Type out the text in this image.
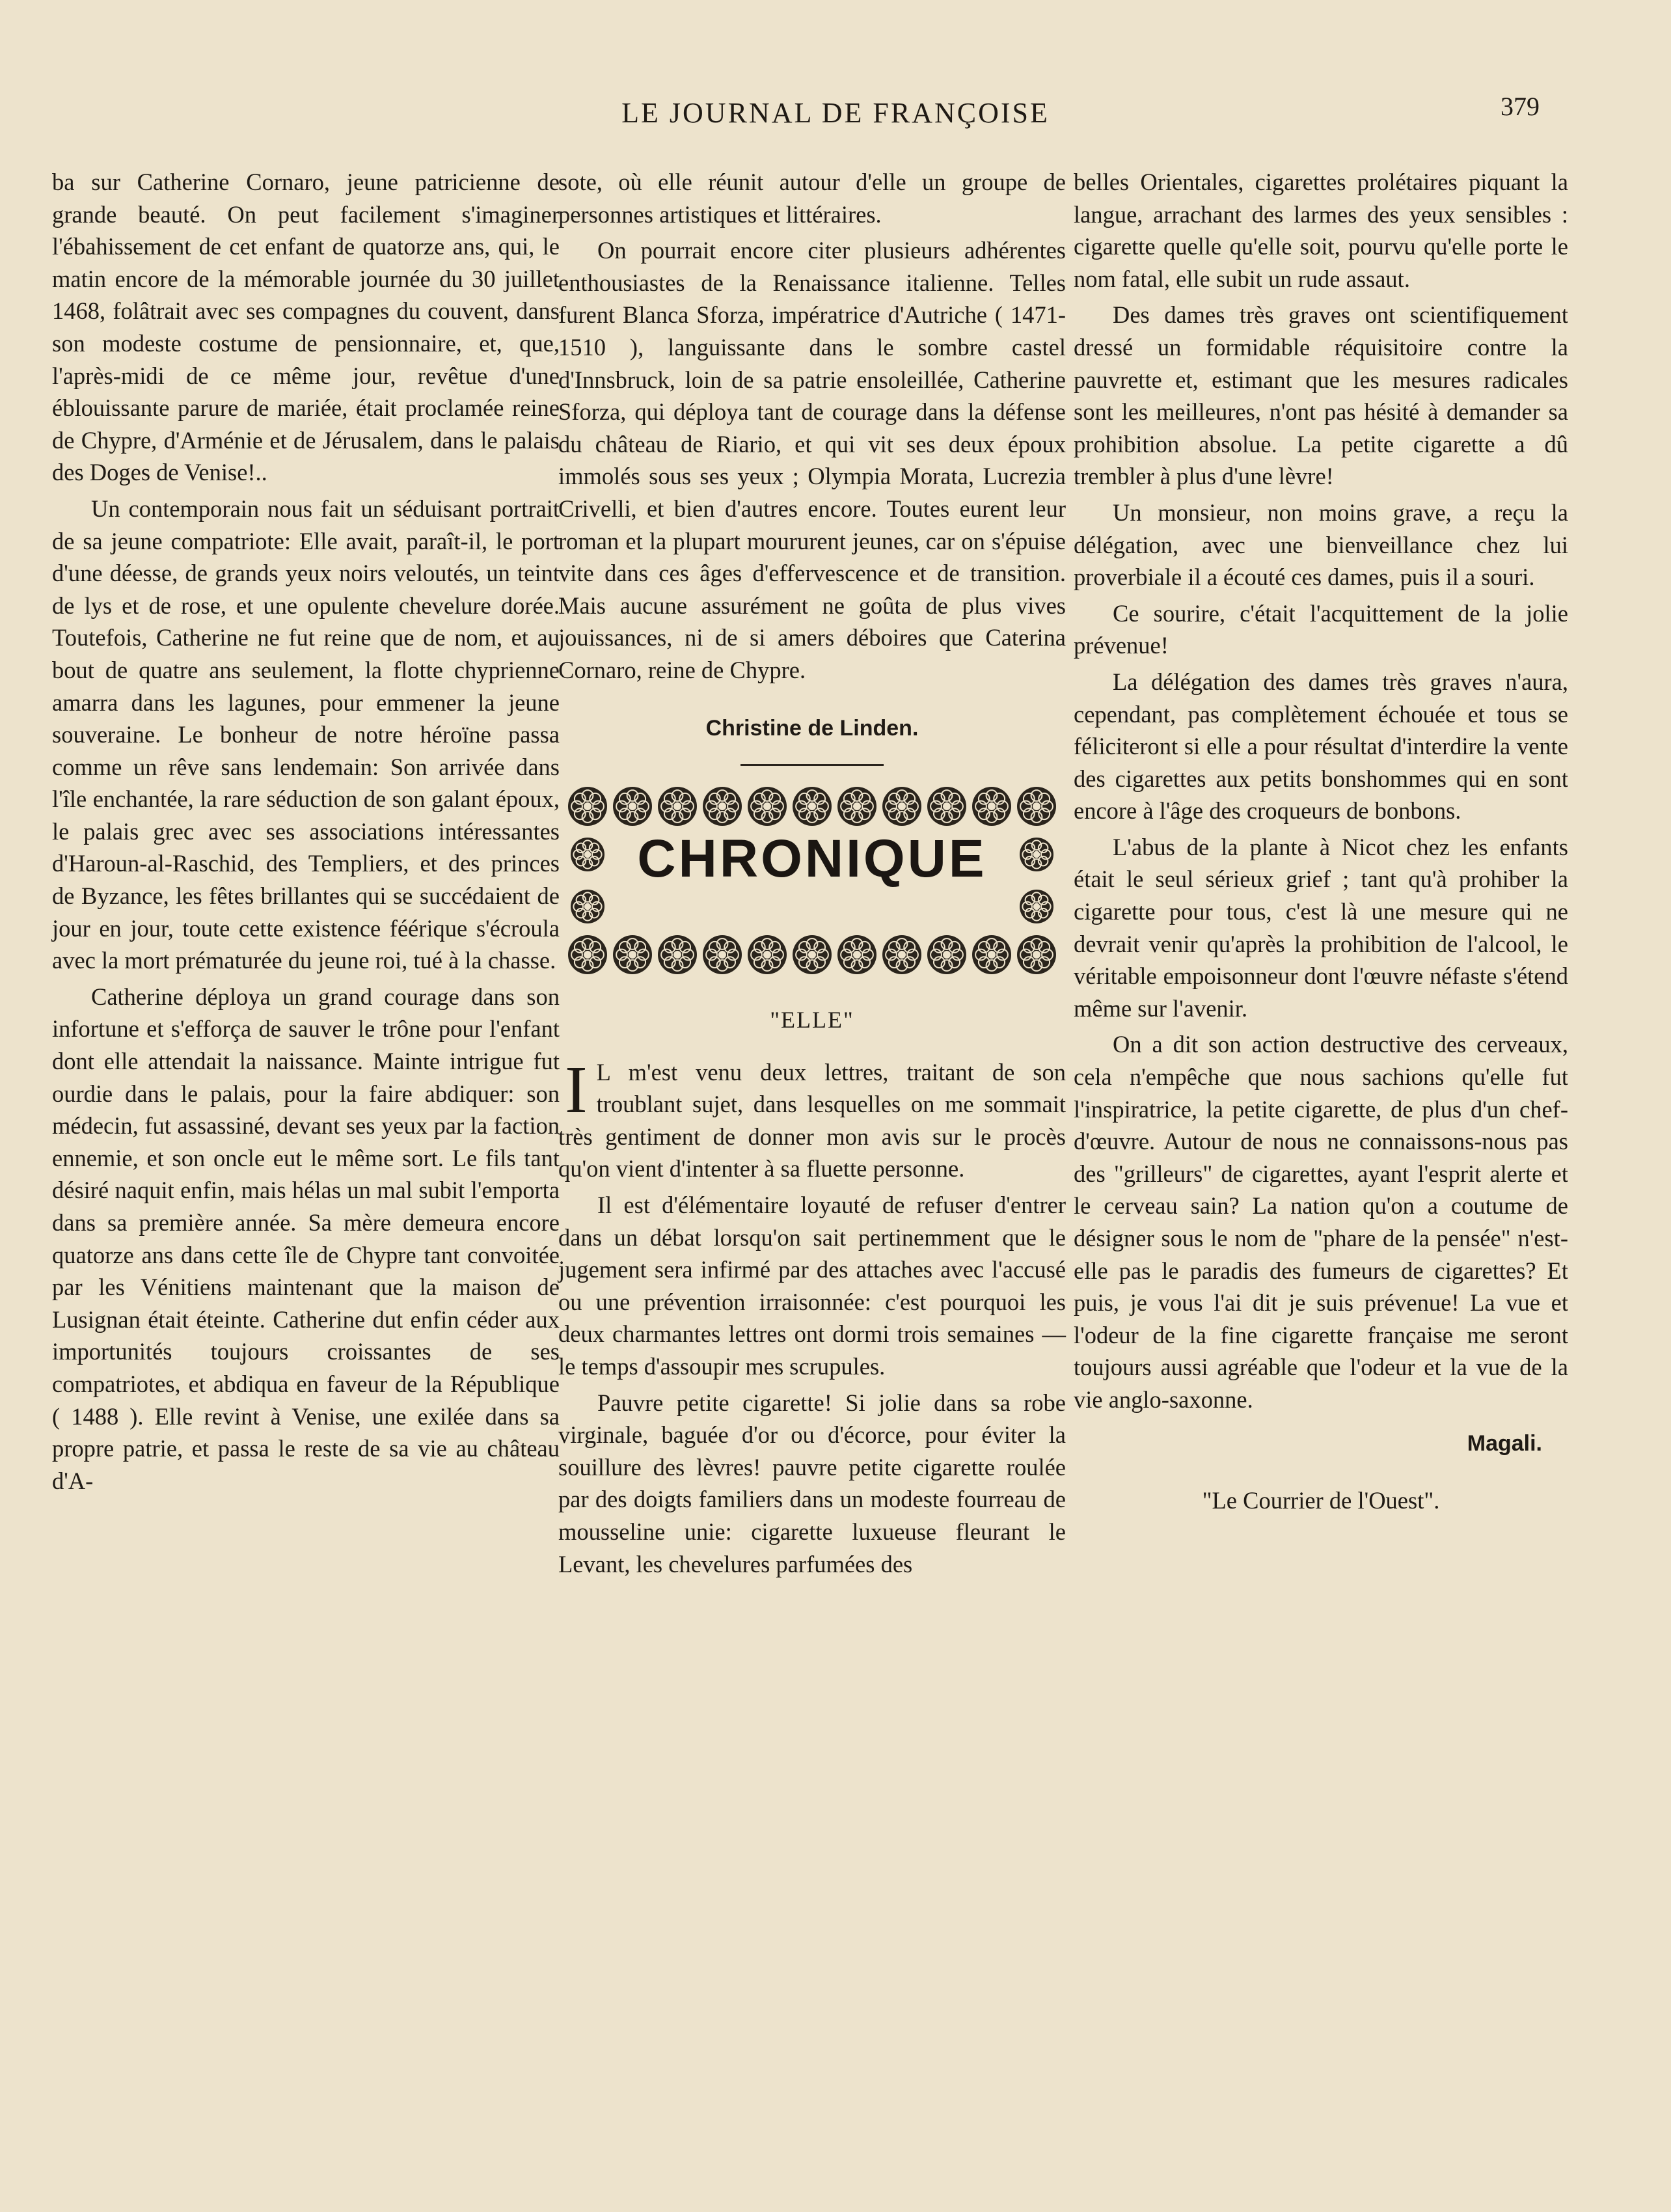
LE JOURNAL DE FRANÇOISE	379

ba sur Catherine Cornaro, jeune patricienne de grande beauté. On peut facilement s'imaginer l'ébahissement de cet enfant de quatorze ans, qui, le matin encore de la mémorable journée du 30 juillet 1468, folâtrait avec ses compagnes du couvent, dans son modeste costume de pensionnaire, et, que, l'après-midi de ce même jour, revêtue d'une éblouissante parure de mariée, était proclamée reine de Chypre, d'Arménie et de Jérusalem, dans le palais des Doges de Venise!..

Un contemporain nous fait un séduisant portrait de sa jeune compatriote: Elle avait, paraît-il, le port d'une déesse, de grands yeux noirs veloutés, un teint de lys et de rose, et une opulente chevelure dorée. Toutefois, Catherine ne fut reine que de nom, et au bout de quatre ans seulement, la flotte chyprienne amarra dans les lagunes, pour emmener la jeune souveraine. Le bonheur de notre héroïne passa comme un rêve sans lendemain: Son arrivée dans l'île enchantée, la rare séduction de son galant époux, le palais grec avec ses associations intéressantes d'Haroun-al-Raschid, des Templiers, et des princes de Byzance, les fêtes brillantes qui se succédaient de jour en jour, toute cette existence féérique s'écroula avec la mort prématurée du jeune roi, tué à la chasse.

Catherine déploya un grand courage dans son infortune et s'efforça de sauver le trône pour l'enfant dont elle attendait la naissance. Mainte intrigue fut ourdie dans le palais, pour la faire abdiquer: son médecin, fut assassiné, devant ses yeux par la faction ennemie, et son oncle eut le même sort. Le fils tant désiré naquit enfin, mais hélas un mal subit l'emporta dans sa première année. Sa mère demeura encore quatorze ans dans cette île de Chypre tant convoitée par les Vénitiens maintenant que la maison de Lusignan était éteinte. Catherine dut enfin céder aux importunités toujours croissantes de ses compatriotes, et abdiqua en faveur de la République ( 1488 ). Elle revint à Venise, une exilée dans sa propre patrie, et passa le reste de sa vie au château d'A-

sote, où elle réunit autour d'elle un groupe de personnes artistiques et littéraires.

On pourrait encore citer plusieurs adhérentes enthousiastes de la Renaissance italienne. Telles furent Blanca Sforza, impératrice d'Autriche ( 1471-1510 ), languissante dans le sombre castel d'Innsbruck, loin de sa patrie ensoleillée, Catherine Sforza, qui déploya tant de courage dans la défense du château de Riario, et qui vit ses deux époux immolés sous ses yeux ; Olympia Morata, Lucrezia Crivelli, et bien d'autres encore. Toutes eurent leur roman et la plupart moururent jeunes, car on s'épuise vite dans ces âges d'effervescence et de transition. Mais aucune assurément ne goûta de plus vives jouissances, ni de si amers déboires que Caterina Cornaro, reine de Chypre.

Christine de Linden.
CHRONIQUE
"ELLE"

I L m'est venu deux lettres, traitant de son troublant sujet, dans lesquelles on me sommait très gentiment de donner mon avis sur le procès qu'on vient d'intenter à sa fluette personne.

Il est d'élémentaire loyauté de refuser d'entrer dans un débat lorsqu'on sait pertinemment que le jugement sera infirmé par des attaches avec l'accusé ou une prévention irraisonnée: c'est pourquoi les deux charmantes lettres ont dormi trois semaines — le temps d'assoupir mes scrupules.

Pauvre petite cigarette! Si jolie dans sa robe virginale, baguée d'or ou d'écorce, pour éviter la souillure des lèvres! pauvre petite cigarette roulée par des doigts familiers dans un modeste fourreau de mousseline unie: cigarette luxueuse fleurant le Levant, les chevelures parfumées des

belles Orientales, cigarettes prolétaires piquant la langue, arrachant des larmes des yeux sensibles : cigarette quelle qu'elle soit, pourvu qu'elle porte le nom fatal, elle subit un rude assaut.

Des dames très graves ont scientifiquement dressé un formidable réquisitoire contre la pauvrette et, estimant que les mesures radicales sont les meilleures, n'ont pas hésité à demander sa prohibition absolue. La petite cigarette a dû trembler à plus d'une lèvre!

Un monsieur, non moins grave, a reçu la délégation, avec une bienveillance chez lui proverbiale il a écouté ces dames, puis il a souri.

Ce sourire, c'était l'acquittement de la jolie prévenue!

La délégation des dames très graves n'aura, cependant, pas complètement échouée et tous se féliciteront si elle a pour résultat d'interdire la vente des cigarettes aux petits bonshommes qui en sont encore à l'âge des croqueurs de bonbons.

L'abus de la plante à Nicot chez les enfants était le seul sérieux grief ; tant qu'à prohiber la cigarette pour tous, c'est là une mesure qui ne devrait venir qu'après la prohibition de l'alcool, le véritable empoisonneur dont l'œuvre néfaste s'étend même sur l'avenir.

On a dit son action destructive des cerveaux, cela n'empêche que nous sachions qu'elle fut l'inspiratrice, la petite cigarette, de plus d'un chef-d'œuvre. Autour de nous ne connaissons-nous pas des "grilleurs" de cigarettes, ayant l'esprit alerte et le cerveau sain? La nation qu'on a coutume de désigner sous le nom de "phare de la pensée" n'est-elle pas le paradis des fumeurs de cigarettes? Et puis, je vous l'ai dit je suis prévenue! La vue et l'odeur de la fine cigarette française me seront toujours aussi agréable que l'odeur et la vue de la vie anglo-saxonne.

Magali.
"Le Courrier de l'Ouest".
